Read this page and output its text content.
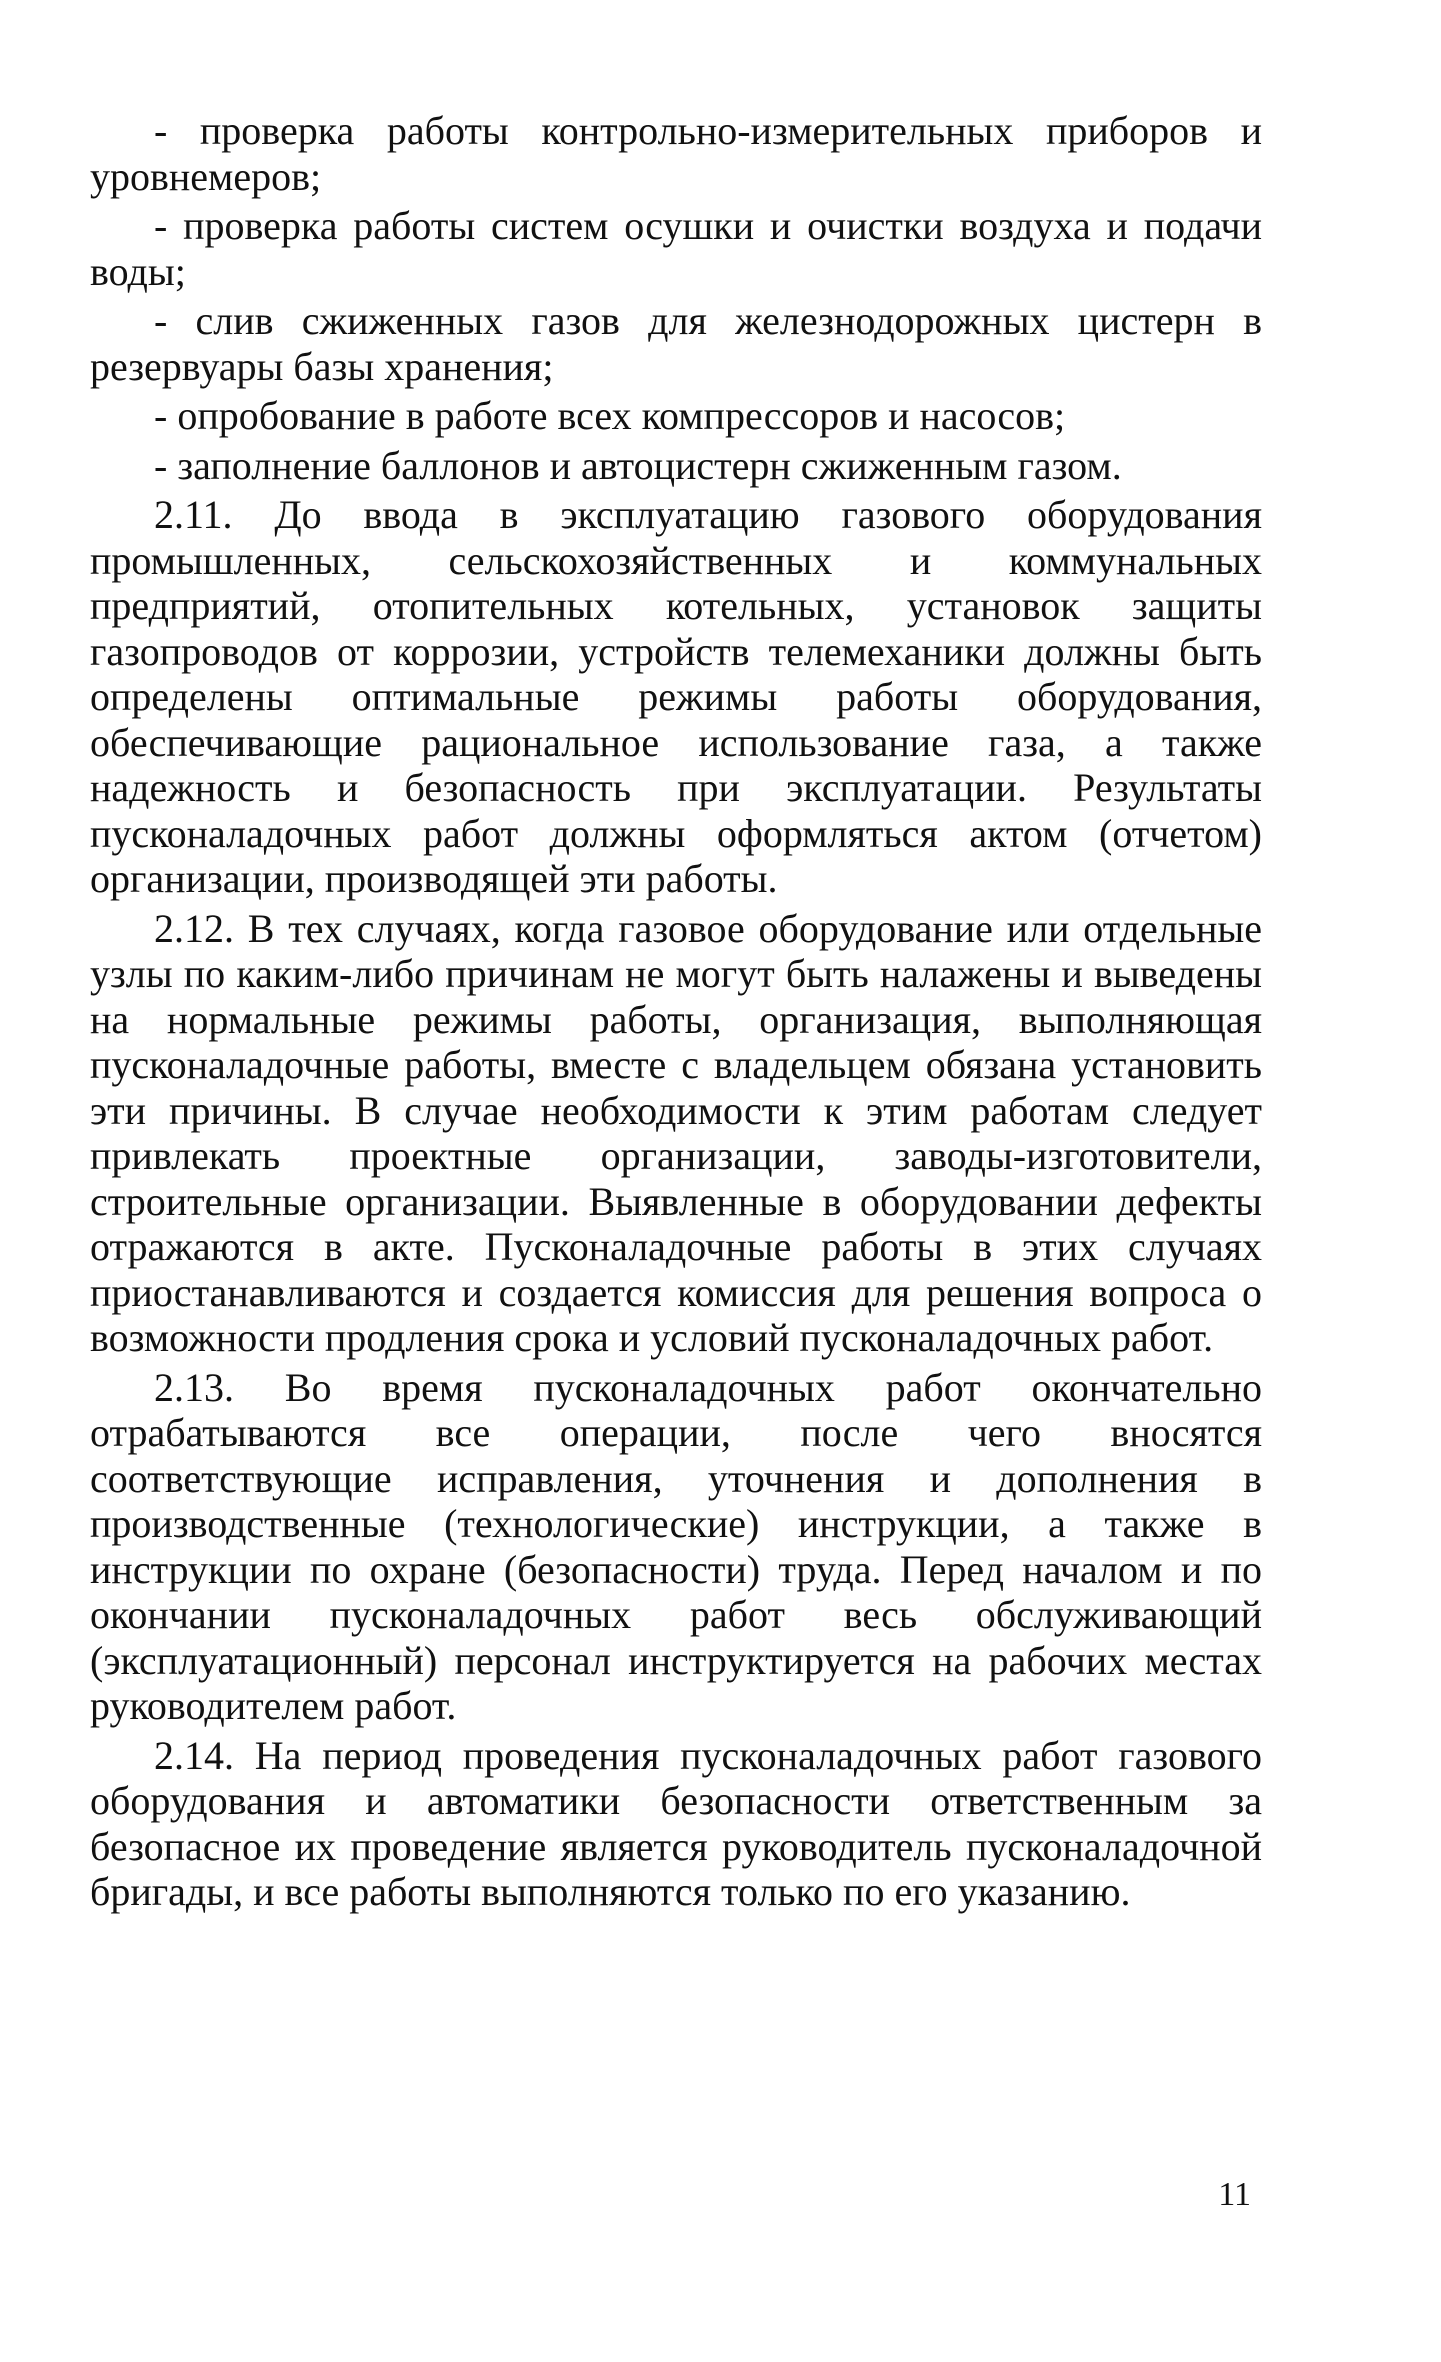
- проверка работы контрольно-измерительных приборов и уровнемеров;

- проверка работы систем осушки и очистки воздуха и подачи воды;

- слив сжиженных газов для железнодорожных цистерн в резервуары базы хранения;

- опробование в работе всех компрессоров и насосов;

- заполнение баллонов и автоцистерн сжиженным газом.

2.11. До ввода в эксплуатацию газового оборудования промышленных, сельскохозяйственных и коммунальных предприятий, отопительных котельных, установок защиты газопроводов от коррозии, устройств телемеханики должны быть определены оптимальные режимы работы оборудования, обеспечивающие рациональное использование газа, а также надежность и безопасность при эксплуатации. Результаты пусконаладочных работ должны оформляться актом (отчетом) организации, производящей эти работы.

2.12. В тех случаях, когда газовое оборудование или отдельные узлы по каким-либо причинам не могут быть налажены и выведены на нормальные режимы работы, организация, выполняющая пусконаладочные работы, вместе с владельцем обязана установить эти причины. В случае необходимости к этим работам следует привлекать проектные организации, заводы-изготовители, строительные организации. Выявленные в оборудовании дефекты отражаются в акте. Пусконаладочные работы в этих случаях приостанавливаются и создается комиссия для решения вопроса о возможности продления срока и условий пусконаладочных работ.

2.13. Во время пусконаладочных работ окончательно отрабатываются все операции, после чего вносятся соответствующие исправления, уточнения и дополнения в производственные (технологические) инструкции, а также в инструкции по охране (безопасности) труда. Перед началом и по окончании пусконаладочных работ весь обслуживающий (эксплуатационный) персонал инструктируется на рабочих местах руководителем работ.

2.14. На период проведения пусконаладочных работ газового оборудования и автоматики безопасности ответственным за безопасное их проведение является руководитель пусконаладочной бригады, и все работы выполняются только по его указанию.

11
